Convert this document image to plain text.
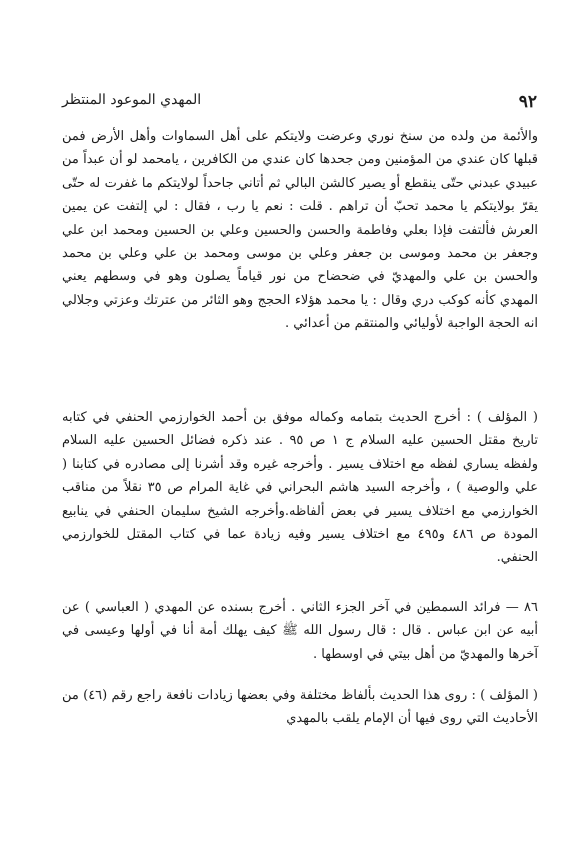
٩٢
المهدي الموعود المنتظر

والأئمة من ولده من سنخ نوري وعرضت ولايتكم على أهل السماوات وأهل الأرض فمن قبلها كان عندي من المؤمنين ومن جحدها كان عندي من الكافرين ، يامحمد لو أن عبداً من عبيدي عبدني حتّى ينقطع أو يصير كالشن البالي ثم أتاني جاحداً لولايتكم ما غفرت له حتّى يقرّ بولايتكم يا محمد تحبّ أن تراهم . قلت : نعم يا رب ، فقال : لي إلتفت عن يمين العرش فألتفت فإذا بعلي وفاطمة والحسن والحسين وعلي بن الحسين ومحمد ابن علي وجعفر بن محمد وموسى بن جعفر وعلي بن موسى ومحمد بن علي وعلي بن محمد والحسن بن علي والمهديّ في ضحضاح من نور قياماً يصلون وهو في وسطهم يعني المهدي كأنه كوكب دري وقال : يا محمد هؤلاء الحجج وهو الثائر من عترتك وعزتي وجلالي انه الحجة الواجبة لأوليائي والمنتقم من أعدائي .

( المؤلف ) : أخرج الحديث بتمامه وكماله موفق بن أحمد الخوارزمي الحنفي في كتابه تاريخ مقتل الحسين عليه السلام ج ١ ص ٩٥ . عند ذكره فضائل الحسين عليه السلام ولفظه يساري لفظه مع اختلاف يسير . وأخرجه غيره وقد أشرنا إلى مصادره في كتابنا ( علي والوصية ) ، وأخرجه السيد هاشم البحراني في غاية المرام ص ٣٥ نقلاً من مناقب الخوارزمي مع اختلاف يسير في بعض ألفاظه.وأخرجه الشيخ سليمان الحنفي في ينابيع المودة ص ٤٨٦ و٤٩٥ مع اختلاف يسير وفيه زيادة عما في كتاب المقتل للخوارزمي الحنفي.

٨٦ — فرائد السمطين في آخر الجزء الثاني . أخرج بسنده عن المهدي ( العباسي ) عن أبيه عن ابن عباس . قال : قال رسول الله ﷺ كيف يهلك أمة أنا في أولها وعيسى في آخرها والمهديّ من أهل بيتي في اوسطها .

( المؤلف ) : روى هذا الحديث بألفاظ مختلفة وفي بعضها زيادات نافعة راجع رقم (٤٦) من الأحاديث التي روى فيها أن الإمام يلقب بالمهدي
